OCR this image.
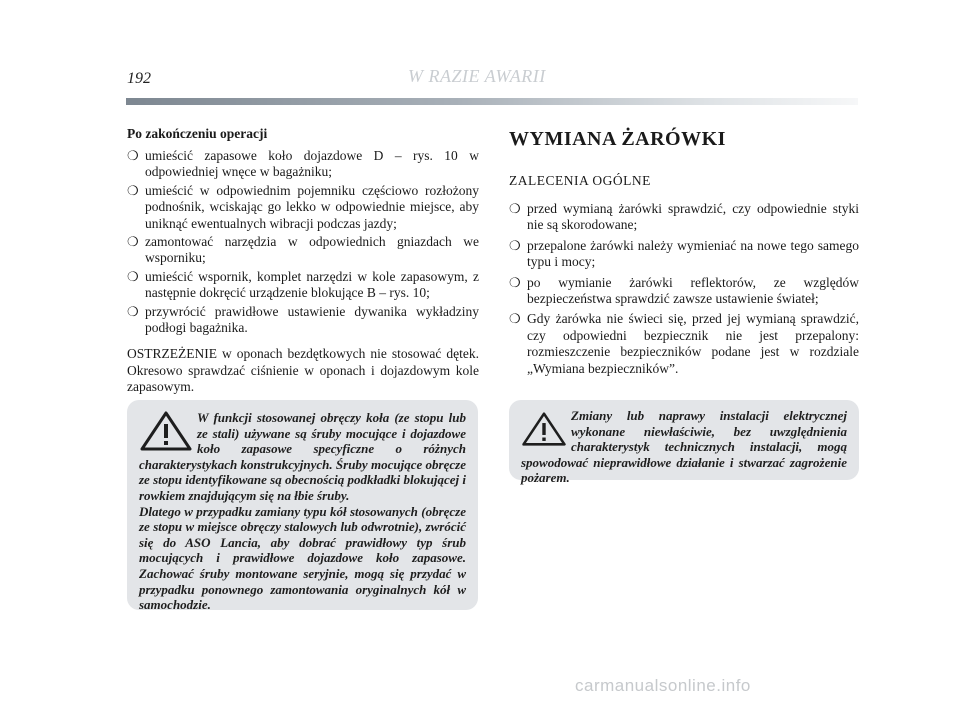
192	W RAZIE AWARII
Po zakończeniu operacji
❍ umieścić zapasowe koło dojazdowe D – rys. 10 w odpowiedniej wnęce w bagażniku;
❍ umieścić w odpowiednim pojemniku częściowo rozłożony podnośnik, wciskając go lekko w odpowiednie miejsce, aby uniknąć ewentualnych wibracji podczas jazdy;
❍ zamontować narzędzia w odpowiednich gniazdach we wsporniku;
❍ umieścić wspornik, komplet narzędzi w kole zapasowym, z następnie dokręcić urządzenie blokujące B – rys. 10;
❍ przywrócić prawidłowe ustawienie dywanika wykładziny podłogi bagażnika.
OSTRZEŻENIE w oponach bezdętkowych nie stosować dętek. Okresowo sprawdzać ciśnienie w oponach i dojazdowym kole zapasowym.

W funkcji stosowanej obręczy koła (ze stopu lub ze stali) używane są śruby mocujące i dojazdowe koło zapasowe specyficzne o różnych charakterystykach konstrukcyjnych. Śruby mocujące obręcze ze stopu identyfikowane są obecnością podkładki blokującej i rowkiem znajdującym się na łbie śruby.

Dlatego w przypadku zamiany typu kół stosowanych (obręcze ze stopu w miejsce obręczy stalowych lub odwrotnie), zwrócić się do ASO Lancia, aby dobrać prawidłowy typ śrub mocujących i prawidłowe dojazdowe koło zapasowe. Zachować śruby montowane seryjnie, mogą się przydać w przypadku ponownego zamontowania oryginalnych kół w samochodzie.

WYMIANA ŻARÓWKI
ZALECENIA OGÓLNE
❍ przed wymianą żarówki sprawdzić, czy odpowiednie styki nie są skorodowane;
❍ przepalone żarówki należy wymieniać na nowe tego samego typu i mocy;
❍ po wymianie żarówki reflektorów, ze względów bezpieczeństwa sprawdzić zawsze ustawienie świateł;
❍ Gdy żarówka nie świeci się, przed jej wymianą sprawdzić, czy odpowiedni bezpiecznik nie jest przepalony: rozmieszczenie bezpieczników podane jest w rozdziale „Wymiana bezpieczników”.

Zmiany lub naprawy instalacji elektrycznej wykonane niewłaściwie, bez uwzględnienia charakterystyk technicznych instalacji, mogą spowodować nieprawidłowe działanie i stwarzać zagrożenie pożarem.

carmanualsonline.info
